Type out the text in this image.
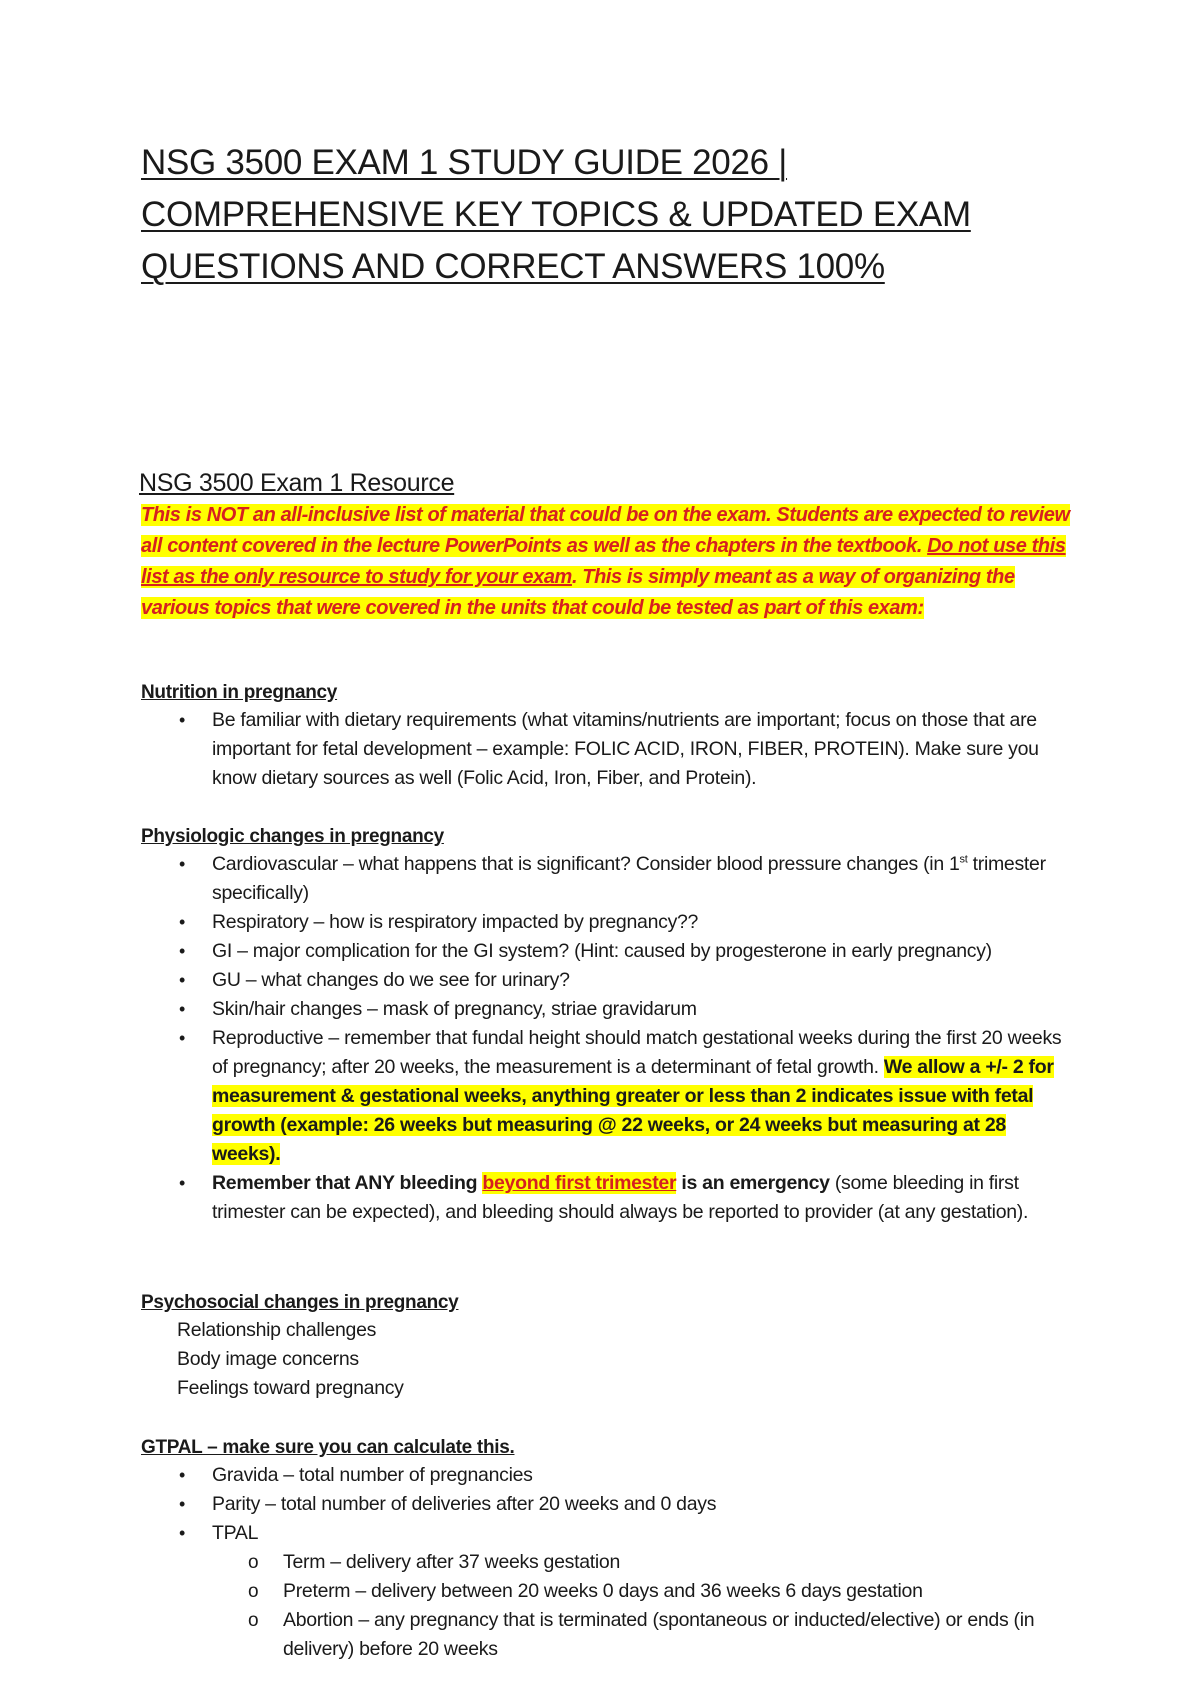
NSG 3500 EXAM 1 STUDY GUIDE 2026 | COMPREHENSIVE KEY TOPICS & UPDATED EXAM QUESTIONS AND CORRECT ANSWERS 100%
NSG 3500 Exam 1 Resource

This is NOT an all-inclusive list of material that could be on the exam. Students are expected to review all content covered in the lecture PowerPoints as well as the chapters in the textbook. Do not use this list as the only resource to study for your exam. This is simply meant as a way of organizing the various topics that were covered in the units that could be tested as part of this exam:

Nutrition in pregnancy
• Be familiar with dietary requirements (what vitamins/nutrients are important; focus on those that are important for fetal development – example: FOLIC ACID, IRON, FIBER, PROTEIN). Make sure you know dietary sources as well (Folic Acid, Iron, Fiber, and Protein).
Physiologic changes in pregnancy
• Cardiovascular – what happens that is significant? Consider blood pressure changes (in 1st trimester specifically)
• Respiratory – how is respiratory impacted by pregnancy??
• GI – major complication for the GI system? (Hint: caused by progesterone in early pregnancy)
• GU – what changes do we see for urinary?
• Skin/hair changes – mask of pregnancy, striae gravidarum
• Reproductive – remember that fundal height should match gestational weeks during the first 20 weeks of pregnancy; after 20 weeks, the measurement is a determinant of fetal growth. We allow a +/- 2 for measurement & gestational weeks, anything greater or less than 2 indicates issue with fetal growth (example: 26 weeks but measuring @ 22 weeks, or 24 weeks but measuring at 28 weeks).
• Remember that ANY bleeding beyond first trimester is an emergency (some bleeding in first trimester can be expected), and bleeding should always be reported to provider (at any gestation).
Psychosocial changes in pregnancy
Relationship challenges
Body image concerns
Feelings toward pregnancy
GTPAL – make sure you can calculate this.
• Gravida – total number of pregnancies
• Parity – total number of deliveries after 20 weeks and 0 days
• TPAL
o Term – delivery after 37 weeks gestation
o Preterm – delivery between 20 weeks 0 days and 36 weeks 6 days gestation
o Abortion – any pregnancy that is terminated (spontaneous or inducted/elective) or ends (in delivery) before 20 weeks
